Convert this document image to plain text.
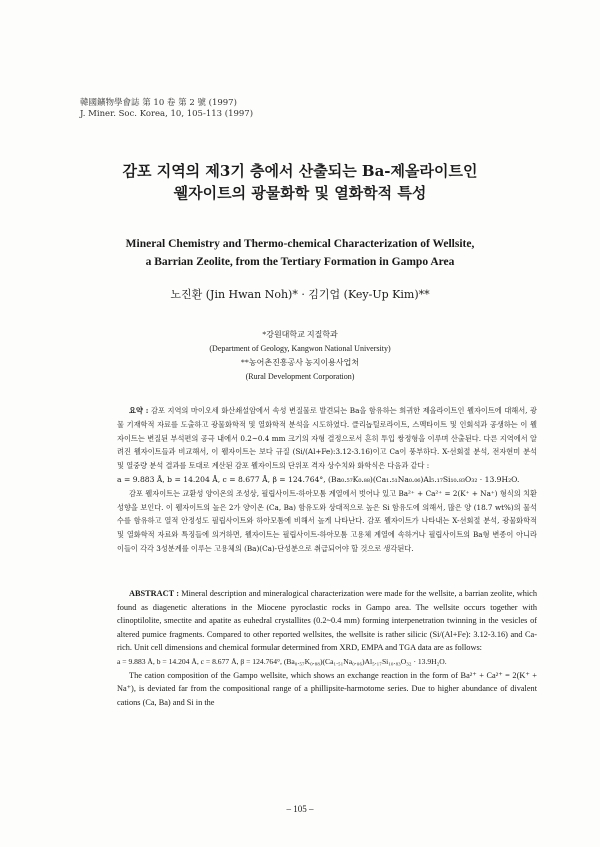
韓國鑛物學會誌 第 10 卷 第 2 號 (1997)
J. Miner. Soc. Korea, 10, 105-113 (1997)
감포 지역의 제3기 층에서 산출되는 Ba-제올라이트인
웰자이트의 광물화학 및 열화학적 특성
Mineral Chemistry and Thermo-chemical Characterization of Wellsite,
a Barrian Zeolite, from the Tertiary Formation in Gampo Area
노진환 (Jin Hwan Noh)* · 김기업 (Key-Up Kim)**
*강원대학교 지질학과
(Department of Geology, Kangwon National University)
**농어촌진흥공사 농지이용사업처
(Rural Development Corporation)

요약 : 감포 지역의 마이오세 화산쇄설암에서 속성 변질물로 발견되는 Ba을 함유하는 희귀한 제올라이트인 웰자이트에 대해서, 광물 기재학적 자료를 도출하고 광물화학적 및 열화학적 분석을 시도하였다. 클리놉틸로라이트, 스멕타이트 및 인회석과 공생하는 이 웰자이트는 변질된 부석편의 공극 내에서 0.2~0.4 mm 크기의 자형 결정으로서 흔히 투입 쌍정형을 이루며 산출된다. 다른 지역에서 알려진 웰자이트들과 비교해서, 이 웰자이트는 보다 규질 (Si/(Al+Fe):3.12-3.16)이고 Ca이 풍부하다. X-선회절 분석, 전자현미 분석 및 열중량 분석 결과를 토대로 계산된 감포 웰자이트의 단위포 격자 상수치와 화학식은 다음과 같다 :

a = 9.883 Å, b = 14.204 Å, c = 8.677 Å, β = 124.764°, (Ba₀.₅₇K₀.₈₈)(Ca₁.₅₁Na₀.₀₆)Al₅.₁₇Si₁₀.₈₃O₃₂ · 13.9H₂O.

감포 웰자이트는 교환성 양이온의 조성상, 필립사이트-하아모톰 계열에서 벗어나 있고 Ba²⁺ + Ca²⁺ = 2(K⁺ + Na⁺) 형식의 치환 성향을 보인다. 이 웰자이트의 높은 2가 양이온 (Ca, Ba) 함유도와 상대적으로 높은 Si 함유도에 의해서, 많은 양 (18.7 wt%)의 물석수를 함유하고 열적 안정성도 필립사이트와 하아모톰에 비해서 높게 나타난다. 감포 웰자이트가 나타내는 X-선회절 분석, 광물화학적 및 열화학적 자료와 특징들에 의거하면, 웰자이트는 필립사이트-하아모톰 고용체 계열에 속하거나 필립사이트의 Ba형 변종이 아니라 이들이 각각 3성분계를 이루는 고용체의 (Ba)(Ca)-단성분으로 취급되어야 할 것으로 생각된다.

ABSTRACT : Mineral description and mineralogical characterization were made for the wellsite, a barrian zeolite, which found as diagenetic alterations in the Miocene pyroclastic rocks in Gampo area. The wellsite occurs together with clinoptilolite, smectite and apatite as euhedral crystallites (0.2~0.4 mm) forming interpenetration twinning in the vesicles of altered pumice fragments. Compared to other reported wellsites, the wellsite is rather silicic (Si/(Al+Fe): 3.12-3.16) and Ca-rich. Unit cell dimensions and chemical formular determined from XRD, EMPA and TGA data are as follows:

a = 9.883 Å, b = 14.204 Å, c = 8.677 Å, β = 124.764°, (Ba₀.₅₇K₀.₈₈)(Ca₁.₅₁Na₀.₀₆)Al₅.₁₇Si₁₀.₈₃O₃₂ · 13.9H₂O.

The cation composition of the Gampo wellsite, which shows an exchange reaction in the form of Ba²⁺ + Ca²⁺ = 2(K⁺ + Na⁺), is deviated far from the compositional range of a phillipsite-harmotome series. Due to higher abundance of divalent cations (Ca, Ba) and Si in the

– 105 –
